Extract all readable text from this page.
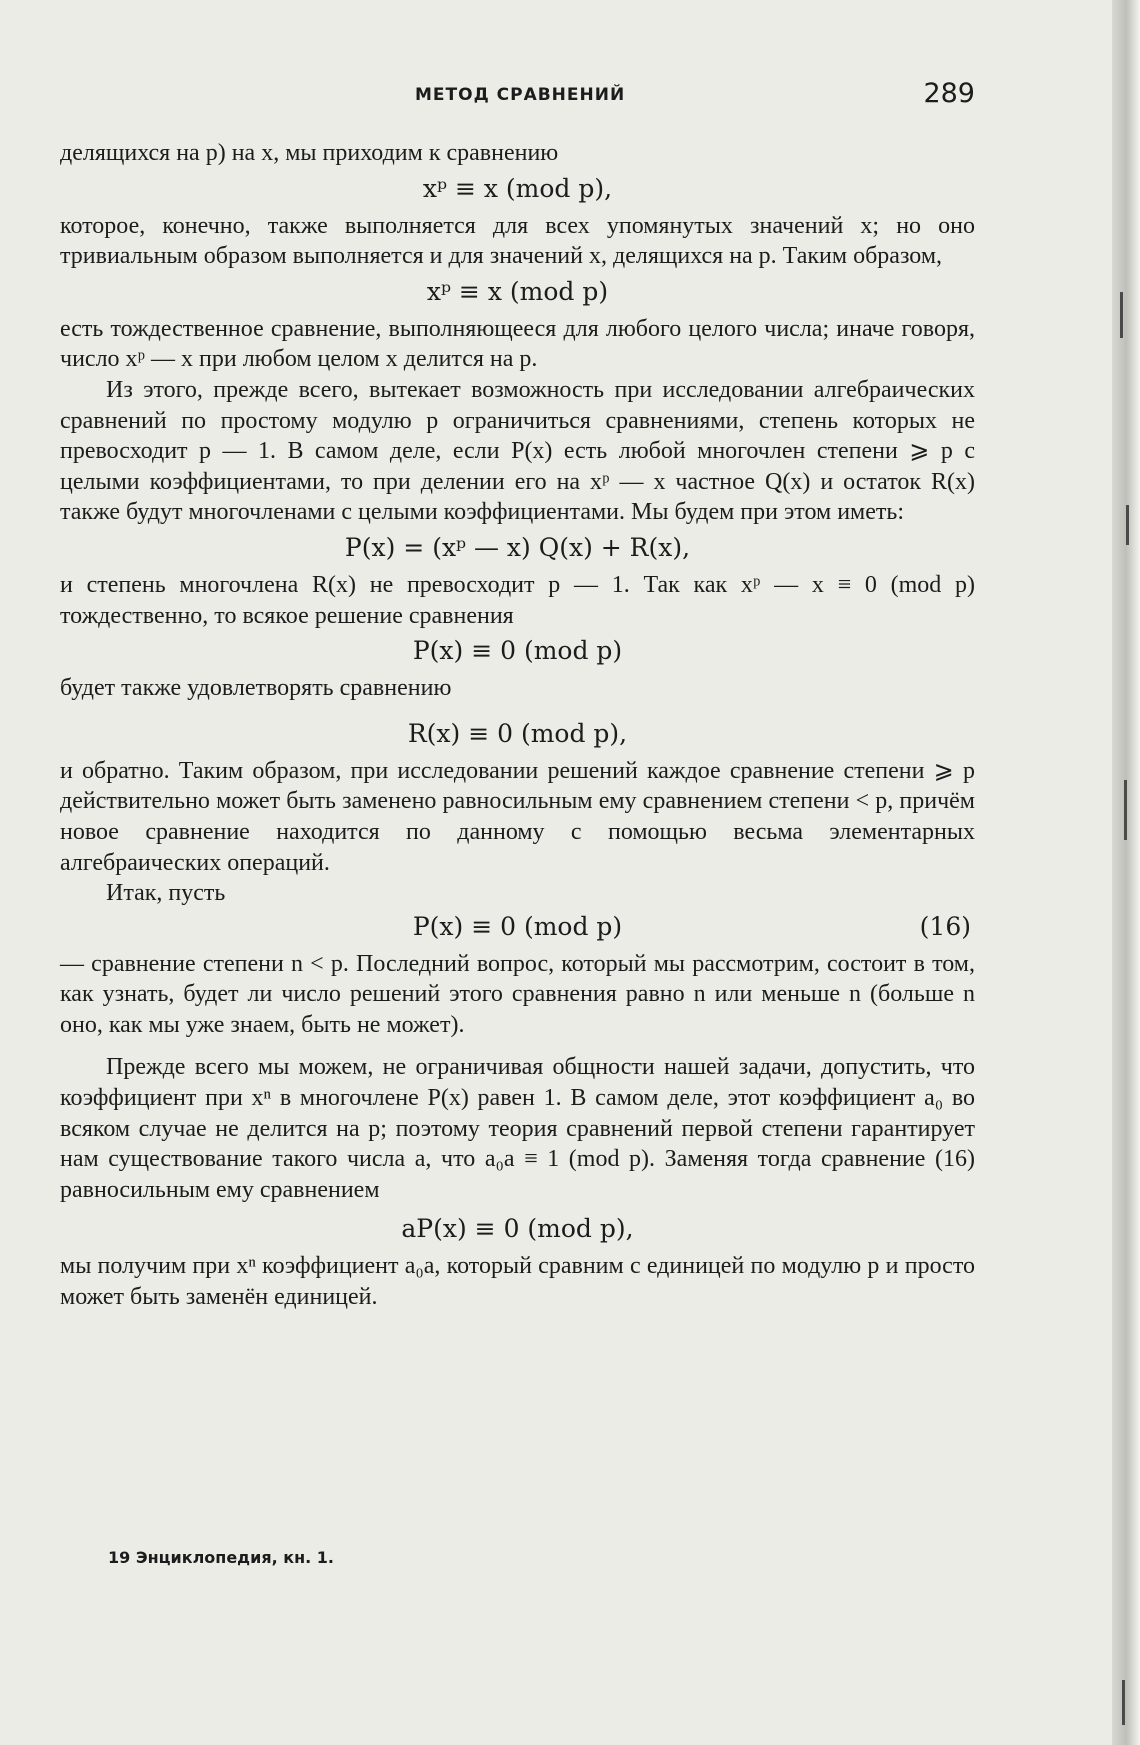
МЕТОД СРАВНЕНИЙ	289

делящихся на p) на x, мы приходим к сравнению

xᵖ ≡ x (mod p),

которое, конечно, также выполняется для всех упомянутых значений x; но оно тривиальным образом выполняется и для значений x, делящихся на p. Таким образом,

xᵖ ≡ x (mod p)

есть тождественное сравнение, выполняющееся для любого целого числа; иначе говоря, число xᵖ — x при любом целом x делится на p.

Из этого, прежде всего, вытекает возможность при исследовании алгебраических сравнений по простому модулю p ограничиться сравнениями, степень которых не превосходит p — 1. В самом деле, если P(x) есть любой многочлен степени ⩾ p с целыми коэффициентами, то при делении его на xᵖ — x частное Q(x) и остаток R(x) также будут многочленами с целыми коэффициентами. Мы будем при этом иметь:

P(x) = (xᵖ — x) Q(x) + R(x),

и степень многочлена R(x) не превосходит p — 1. Так как xᵖ — x ≡ 0 (mod p) тождественно, то всякое решение сравнения

P(x) ≡ 0 (mod p)

будет также удовлетворять сравнению

R(x) ≡ 0 (mod p),

и обратно. Таким образом, при исследовании решений каждое сравнение степени ⩾ p действительно может быть заменено равносильным ему сравнением степени < p, причём новое сравнение находится по данному с помощью весьма элементарных алгебраических операций.

Итак, пусть

P(x) ≡ 0 (mod p)	(16)

— сравнение степени n < p. Последний вопрос, который мы рассмотрим, состоит в том, как узнать, будет ли число решений этого сравнения равно n или меньше n (больше n оно, как мы уже знаем, быть не может).

Прежде всего мы можем, не ограничивая общности нашей задачи, допустить, что коэффициент при xⁿ в многочлене P(x) равен 1. В самом деле, этот коэффициент a₀ во всяком случае не делится на p; поэтому теория сравнений первой степени гарантирует нам существование такого числа a, что a₀a ≡ 1 (mod p). Заменяя тогда сравнение (16) равносильным ему сравнением

aP(x) ≡ 0 (mod p),

мы получим при xⁿ коэффициент a₀a, который сравним с единицей по модулю p и просто может быть заменён единицей.

19 Энциклопедия, кн. 1.
